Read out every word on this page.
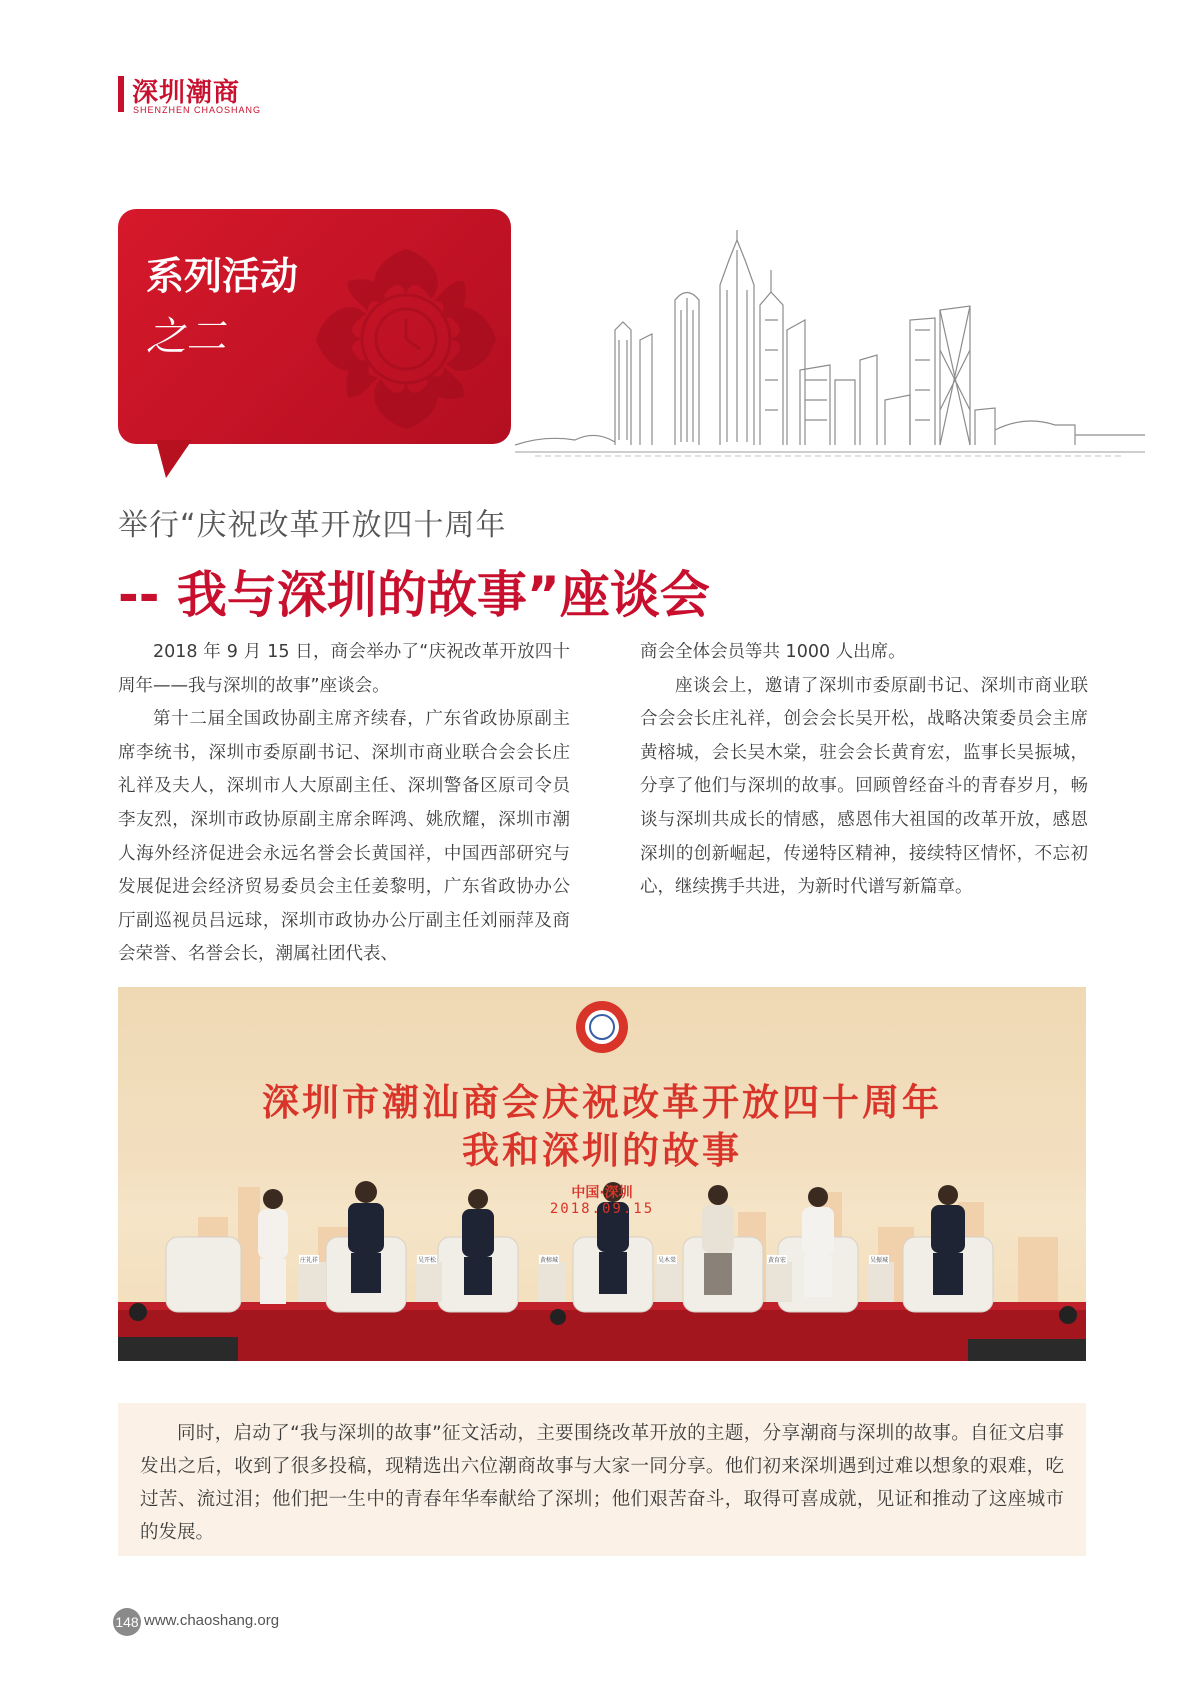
深圳潮商
SHENZHEN CHAOSHANG
系列活动
之二
举行“庆祝改革开放四十周年
-- 我与深圳的故事”座谈会

2018 年 9 月 15 日，商会举办了“庆祝改革开放四十周年——我与深圳的故事”座谈会。

第十二届全国政协副主席齐续春，广东省政协原副主席李统书，深圳市委原副书记、深圳市商业联合会会长庄礼祥及夫人，深圳市人大原副主任、深圳警备区原司令员李友烈，深圳市政协原副主席余晖鸿、姚欣耀，深圳市潮人海外经济促进会永远名誉会长黄国祥，中国西部研究与发展促进会经济贸易委员会主任姜黎明，广东省政协办公厅副巡视员吕远球，深圳市政协办公厅副主任刘丽萍及商会荣誉、名誉会长，潮属社团代表、

商会全体会员等共 1000 人出席。

座谈会上，邀请了深圳市委原副书记、深圳市商业联合会会长庄礼祥，创会会长吴开松，战略决策委员会主席黄榕城，会长吴木棠，驻会会长黄育宏，监事长吴振城，分享了他们与深圳的故事。回顾曾经奋斗的青春岁月，畅谈与深圳共成长的情感，感恩伟大祖国的改革开放，感恩深圳的创新崛起，传递特区精神，接续特区情怀，不忘初心，继续携手共进，为新时代谱写新篇章。

深圳市潮汕商会庆祝改革开放四十周年
我和深圳的故事
中国·深圳
2018.09.15
庄礼祥	吴开松	黄榕城	吴木棠	黄育宏	吴振城

同时，启动了“我与深圳的故事”征文活动，主要围绕改革开放的主题，分享潮商与深圳的故事。自征文启事发出之后，收到了很多投稿，现精选出六位潮商故事与大家一同分享。他们初来深圳遇到过难以想象的艰难，吃过苦、流过泪；他们把一生中的青春年华奉献给了深圳；他们艰苦奋斗，取得可喜成就，见证和推动了这座城市的发展。

148 www.chaoshang.org
